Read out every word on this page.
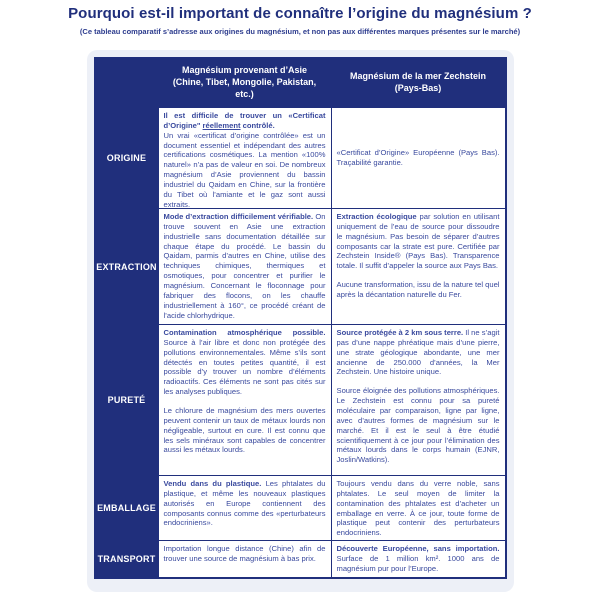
Pourquoi est-il important de connaître l’origine du magnésium ?
(Ce tableau comparatif s’adresse aux origines du magnésium, et non pas aux différentes marques présentes sur le marché)
Magnésium provenant d’Asie (Chine, Tibet, Mongolie, Pakistan, etc.)
Magnésium de la mer Zechstein (Pays-Bas)
ORIGINE

Il est difficile de trouver un «Certificat d’Origine" réellement contrôlé.

Un vrai «certificat d’origine contrôlée» est un document essentiel et indépendant des autres certifications cosmétiques. La mention «100% naturel» n’a pas de valeur en soi. De nombreux magnésium d’Asie proviennent du bassin industriel du Qaidam en Chine, sur la frontière du Tibet où l’amiante et le gaz sont aussi extraits.

«Certificat d’Origine» Européenne (Pays Bas). Traçabilité garantie.

EXTRACTION

Mode d’extraction difficilement vérifiable. On trouve souvent en Asie une extraction industrielle sans documentation détaillée sur chaque étape du procédé. Le bassin du Qaidam, parmis d’autres en Chine, utilise des techniques chimiques, thermiques et osmotiques, pour concentrer et purifier le magnésium. Concernant le floconnage pour fabriquer des flocons, on les chauffe industriellement à 160°, ce procédé créant de l’acide chlorhydrique.

Extraction écologique par solution en utilisant uniquement de l’eau de source pour dissoudre le magnésium. Pas besoin de séparer d’autres composants car la strate est pure. Certifiée par Zechstein Inside® (Pays Bas). Transparence totale. Il suffit d’appeler la source aux Pays Bas.

Aucune transformation, issu de la nature tel quel après la décantation naturelle du Fer.

PURETÉ

Contamination atmosphérique possible. Source à l’air libre et donc non protégée des pollutions environnementales. Même s’ils sont détectés en toutes petites quantité, il est possible d’y trouver un nombre d’éléments radioactifs. Ces éléments ne sont pas cités sur les analyses publiques.

Le chlorure de magnésium des mers ouvertes peuvent contenir un taux de métaux lourds non négligeable, surtout en cure. Il est connu que les sels minéraux sont capables de concentrer aussi les métaux lourds.

Source protégée à 2 km sous terre. Il ne s’agit pas d’une nappe phréatique mais d’une pierre, une strate géologique abondante, une mer ancienne de 250.000 d’années, la Mer Zechstein. Une histoire unique.

Source éloignée des pollutions atmosphériques. Le Zechstein est connu pour sa pureté moléculaire par comparaison, ligne par ligne, avec d’autres formes de magnésium sur le marché. Et il est le seul à être étudié scientifiquement à ce jour pour l’élimination des métaux lourds dans le corps humain (EJNR, Joslin/Watkins).

EMBALLAGE

Vendu dans du plastique. Les phtalates du plastique, et même les nouveaux plastiques autorisés en Europe contiennent des composants connus comme des «perturbateurs endocriniens».

Toujours vendu dans du verre noble, sans phtalates. Le seul moyen de limiter la contamination des phtalates est d’acheter un emballage en verre. À ce jour, toute forme de plastique peut contenir des perturbateurs endocriniens.

TRANSPORT

Importation longue distance (Chine) afin de trouver une source de magnésium à bas prix.

Découverte Européenne, sans importation. Surface de 1 million km². 1000 ans de magnésium pur pour l’Europe.
